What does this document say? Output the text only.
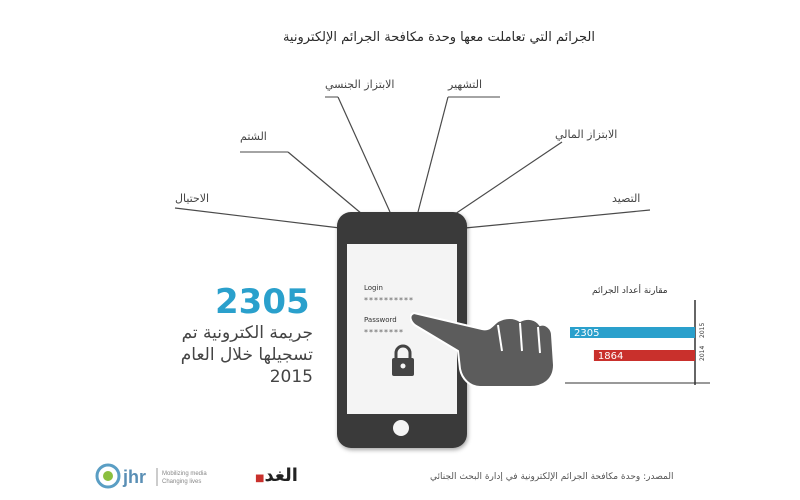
الجرائم التي تعاملت معها وحدة مكافحة الجرائم الإلكترونية
الاحتيال
الشتم
الابتزاز الجنسي	التشهير
الابتزاز المالي
التصيد
Login
**********
Password
********
2305
جريمة الكترونية تم
تسجيلها خلال العام
2015
مقارنة أعداد الجرائم
2305	2015
1864	2014
jhr	Mobilizing media
Changing lives	الغد■	المصدر: وحدة مكافحة الجرائم الإلكترونية في إدارة البحث الجنائي
